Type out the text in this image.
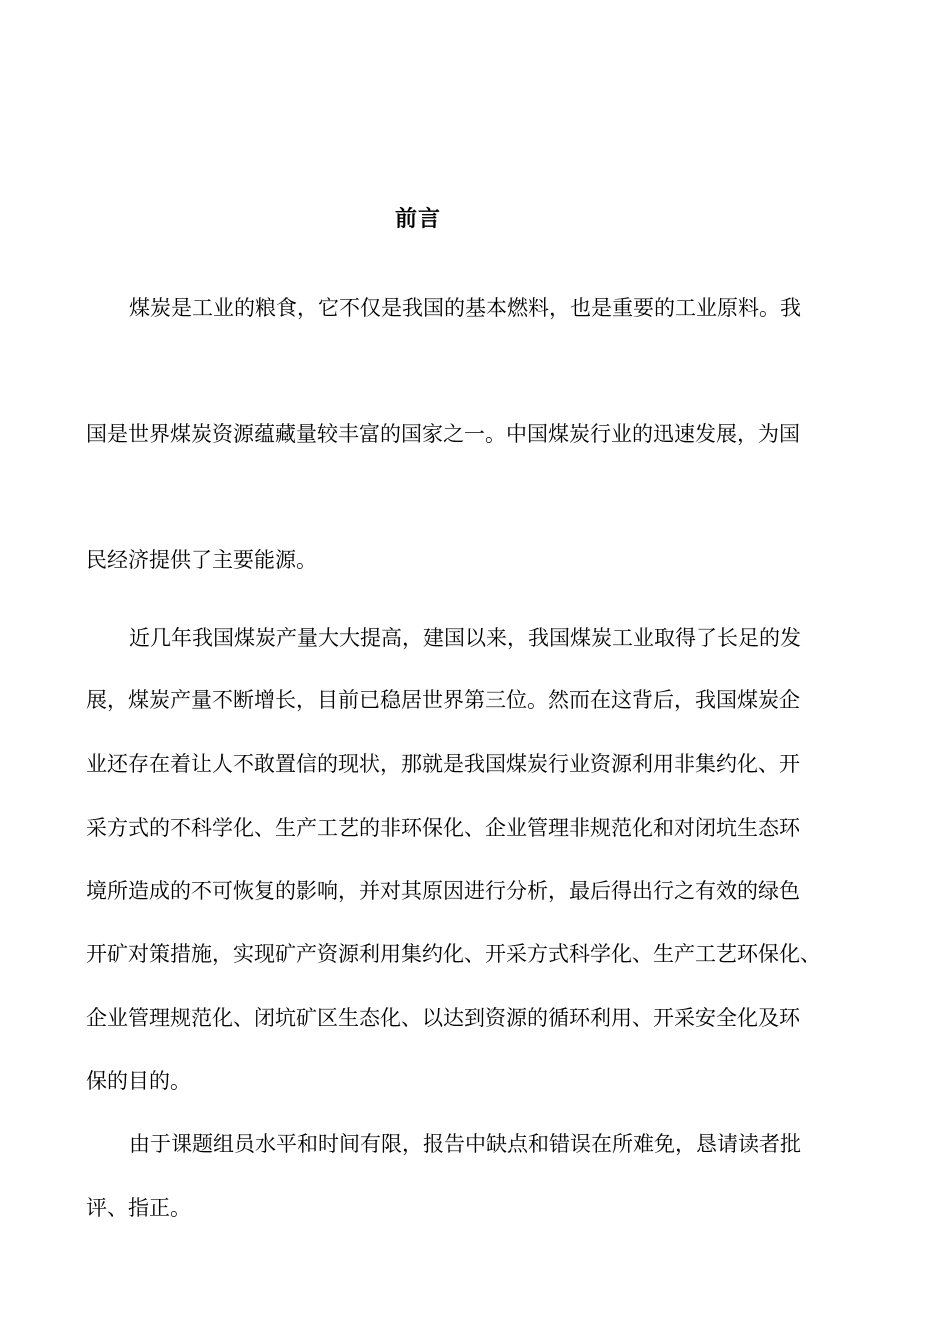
前言
煤炭是工业的粮食，它不仅是我国的基本燃料，也是重要的工业原料。我
国是世界煤炭资源蕴藏量较丰富的国家之一。中国煤炭行业的迅速发展，为国
民经济提供了主要能源。
近几年我国煤炭产量大大提高，建国以来，我国煤炭工业取得了长足的发
展，煤炭产量不断增长，目前已稳居世界第三位。然而在这背后，我国煤炭企
业还存在着让人不敢置信的现状，那就是我国煤炭行业资源利用非集约化、开
采方式的不科学化、生产工艺的非环保化、企业管理非规范化和对闭坑生态环
境所造成的不可恢复的影响，并对其原因进行分析，最后得出行之有效的绿色
开矿对策措施，实现矿产资源利用集约化、开采方式科学化、生产工艺环保化、
企业管理规范化、闭坑矿区生态化、以达到资源的循环利用、开采安全化及环
保的目的。
由于课题组员水平和时间有限，报告中缺点和错误在所难免，恳请读者批
评、指正。
